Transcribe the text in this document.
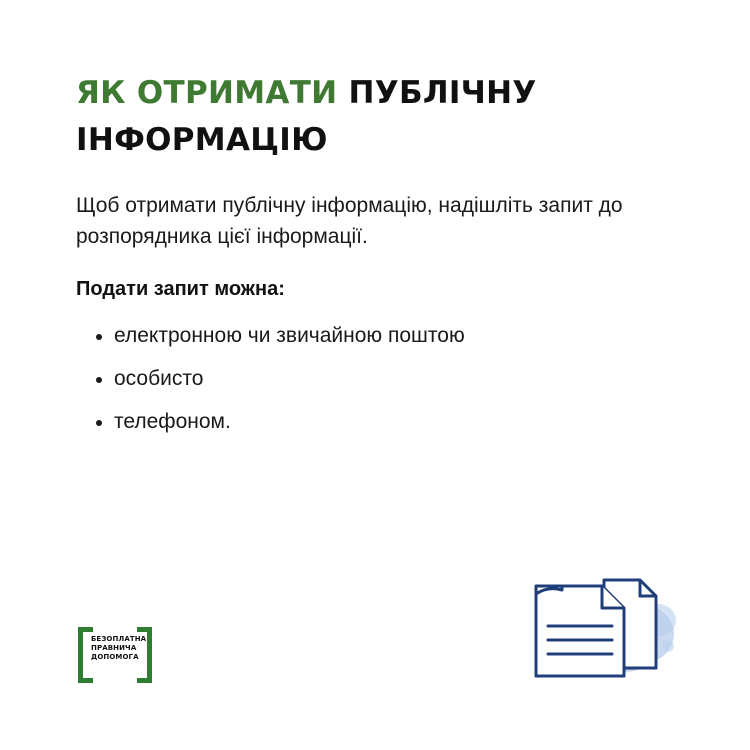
ЯК ОТРИМАТИ ПУБЛІЧНУ
ІНФОРМАЦІЮ

Щоб отримати публічну інформацію, надішліть запит до розпорядника цієї інформації.

Подати запит можна:

електронною чи звичайною поштою
особисто
телефоном.
БЕЗОПЛАТНА
ПРАВНИЧА
ДОПОМОГА
